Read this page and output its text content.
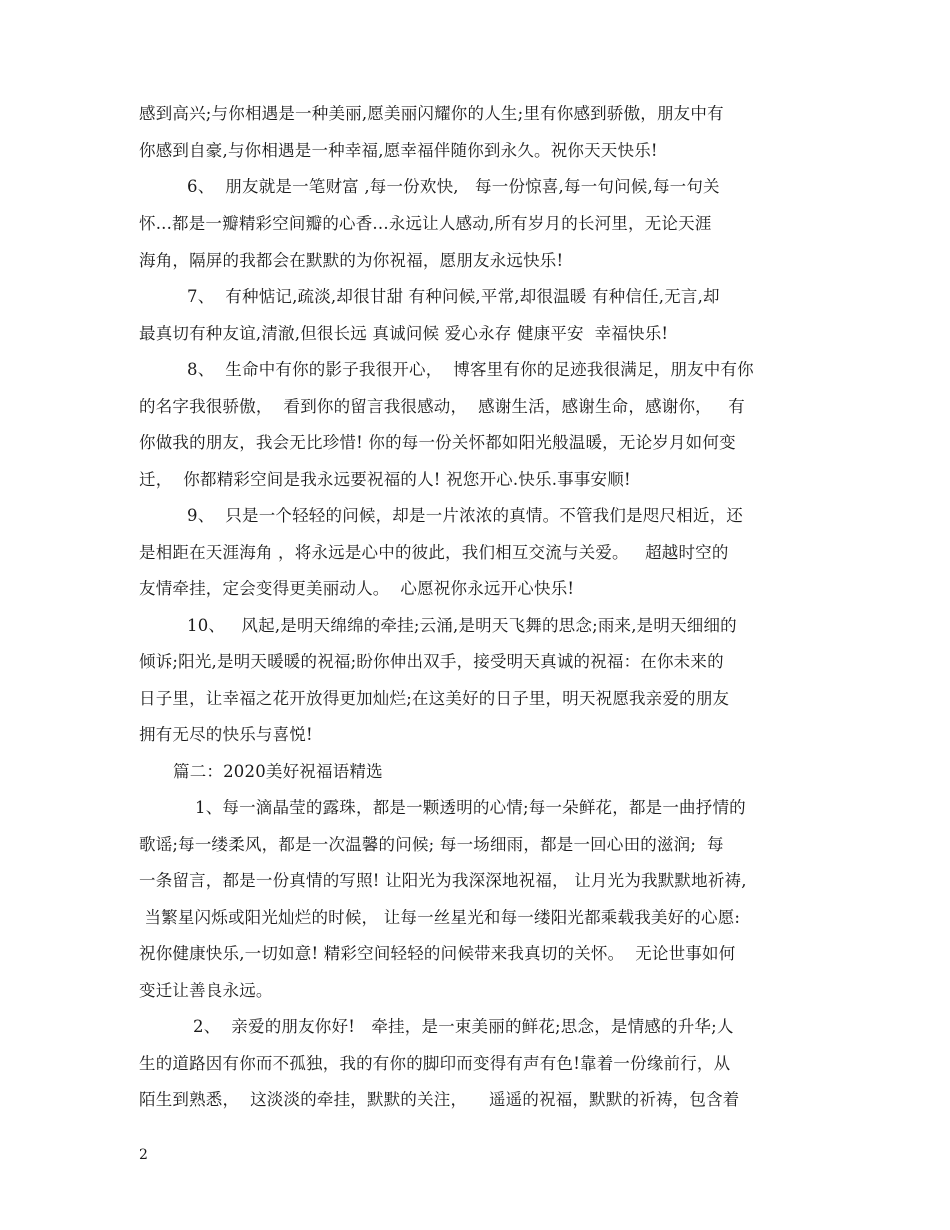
感到高兴;与你相遇是一种美丽,愿美丽闪耀你的人生;里有你感到骄傲，朋友中有
你感到自豪,与你相遇是一种幸福,愿幸福伴随你到永久。祝你天天快乐!
6、  朋友就是一笔财富 ,每一份欢快,   每一份惊喜,每一句问候,每一句关
怀...都是一瓣精彩空间瓣的心香...永远让人感动,所有岁月的长河里，无论天涯
海角，隔屏的我都会在默默的为你祝福，愿朋友永远快乐!
7、  有种惦记,疏淡,却很甘甜 有种问候,平常,却很温暖 有种信任,无言,却
最真切有种友谊,清澈,但很长远 真诚问候 爱心永存 健康平安  幸福快乐!
8、  生命中有你的影子我很开心，  博客里有你的足迹我很满足，朋友中有你
的名字我很骄傲，  看到你的留言我很感动，  感谢生活，感谢生命，感谢你，   有
你做我的朋友，我会无比珍惜! 你的每一份关怀都如阳光般温暖，无论岁月如何变
迁，  你都精彩空间是我永远要祝福的人! 祝您开心.快乐.事事安顺!
9、  只是一个轻轻的问候，却是一片浓浓的真情。不管我们是咫尺相近，还
是相距在天涯海角 ，将永远是心中的彼此，我们相互交流与关爱。   超越时空的
友情牵挂，定会变得更美丽动人。  心愿祝你永远开心快乐!
10、   风起,是明天绵绵的牵挂;云涌,是明天飞舞的思念;雨来,是明天细细的
倾诉;阳光,是明天暖暖的祝福;盼你伸出双手，接受明天真诚的祝福：在你未来的
日子里，让幸福之花开放得更加灿烂;在这美好的日子里，明天祝愿我亲爱的朋友
拥有无尽的快乐与喜悦!
篇二：2020美好祝福语精选
1、每一滴晶莹的露珠，都是一颗透明的心情;每一朵鲜花，都是一曲抒情的
歌谣;每一缕柔风，都是一次温馨的问候; 每一场细雨，都是一回心田的滋润;  每
一条留言，都是一份真情的写照! 让阳光为我深深地祝福， 让月光为我默默地祈祷,
当繁星闪烁或阳光灿烂的时候， 让每一丝星光和每一缕阳光都乘载我美好的心愿:
祝你健康快乐,一切如意! 精彩空间轻轻的问候带来我真切的关怀。  无论世事如何
变迁让善良永远。
2、  亲爱的朋友你好!   牵挂，是一束美丽的鲜花;思念，是情感的升华;人
生的道路因有你而不孤独，我的有你的脚印而变得有声有色!靠着一份缘前行，从
陌生到熟悉，  这淡淡的牵挂，默默的关注，    遥遥的祝福，默默的祈祷，包含着
2
